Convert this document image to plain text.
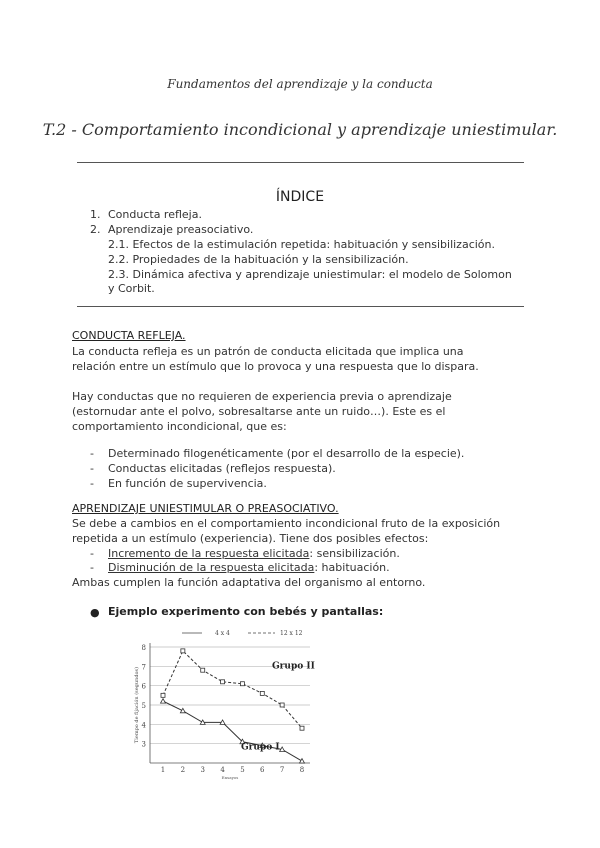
Fundamentos del aprendizaje y la conducta
T.2 - Comportamiento incondicional y aprendizaje uniestimular.
ÍNDICE
1. Conducta refleja.
2. Aprendizaje preasociativo.
2.1. Efectos de la estimulación repetida: habituación y sensibilización.
2.2. Propiedades de la habituación y la sensibilización.
2.3. Dinámica afectiva y aprendizaje uniestimular: el modelo de Solomon
y Corbit.
CONDUCTA REFLEJA.
La conducta refleja es un patrón de conducta elicitada que implica una
relación entre un estímulo que lo provoca y una respuesta que lo dispara.
Hay conductas que no requieren de experiencia previa o aprendizaje
(estornudar ante el polvo, sobresaltarse ante un ruido…). Este es el
comportamiento incondicional, que es:
- Determinado filogenéticamente (por el desarrollo de la especie).
- Conductas elicitadas (reflejos respuesta).
- En función de supervivencia.
APRENDIZAJE UNIESTIMULAR O PREASOCIATIVO.
Se debe a cambios en el comportamiento incondicional fruto de la exposición
repetida a un estímulo (experiencia). Tiene dos posibles efectos:
- Incremento de la respuesta elicitada: sensibilización.
- Disminución de la respuesta elicitada: habituación.
Ambas cumplen la función adaptativa del organismo al entorno.
● Ejemplo experimento con bebés y pantallas:
3
4
5
6
7
8
1 2 3 4 5 6 7 8
Tiempo de fijación (segundos)
Ensayos
4 x 4	12 x 12
Grupo II
Grupo I
